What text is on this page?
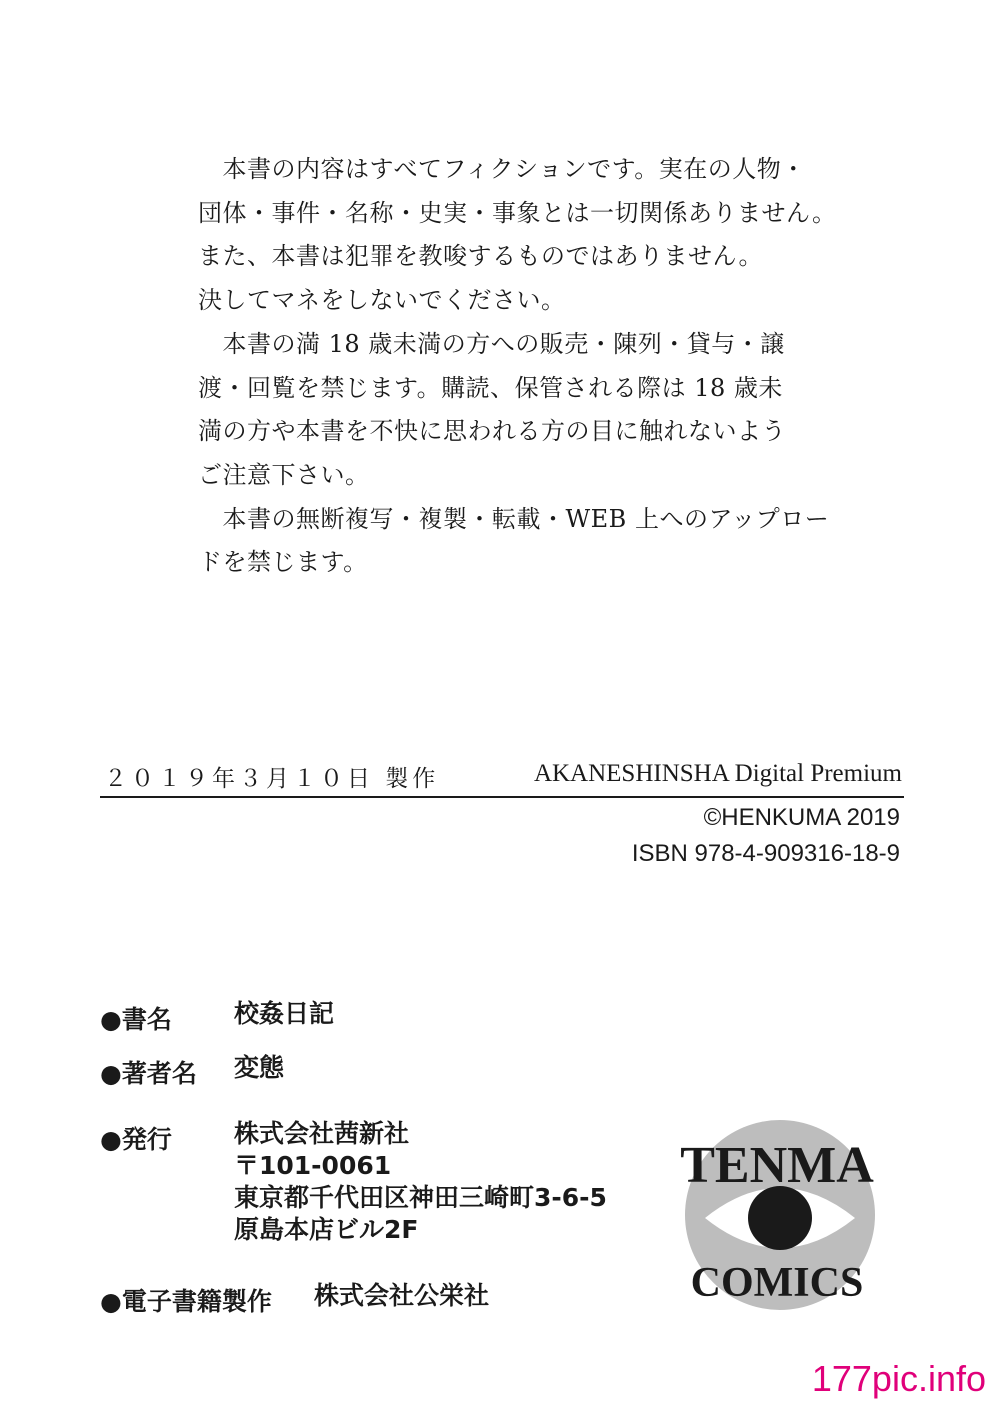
　本書の内容はすべてフィクションです。実在の人物・
団体・事件・名称・史実・事象とは一切関係ありません。
また、本書は犯罪を教唆するものではありません。
決してマネをしないでください。
　本書の満 18 歳未満の方への販売・陳列・貸与・譲
渡・回覧を禁じます。購読、保管される際は 18 歳未
満の方や本書を不快に思われる方の目に触れないよう
ご注意下さい。
　本書の無断複写・複製・転載・WEB 上へのアップロー
ドを禁じます。
２０１９年３月１０日 製作	AKANESHINSHA Digital Premium
©HENKUMA 2019
ISBN 978-4-909316-18-9
●書名 校姦日記
●著者名 変態
●発行 株式会社茜新社
〒101-0061
東京都千代田区神田三崎町3-6-5
原島本店ビル2F
●電子書籍製作 株式会社公栄社
TENMA
COMICS
177pic.info
